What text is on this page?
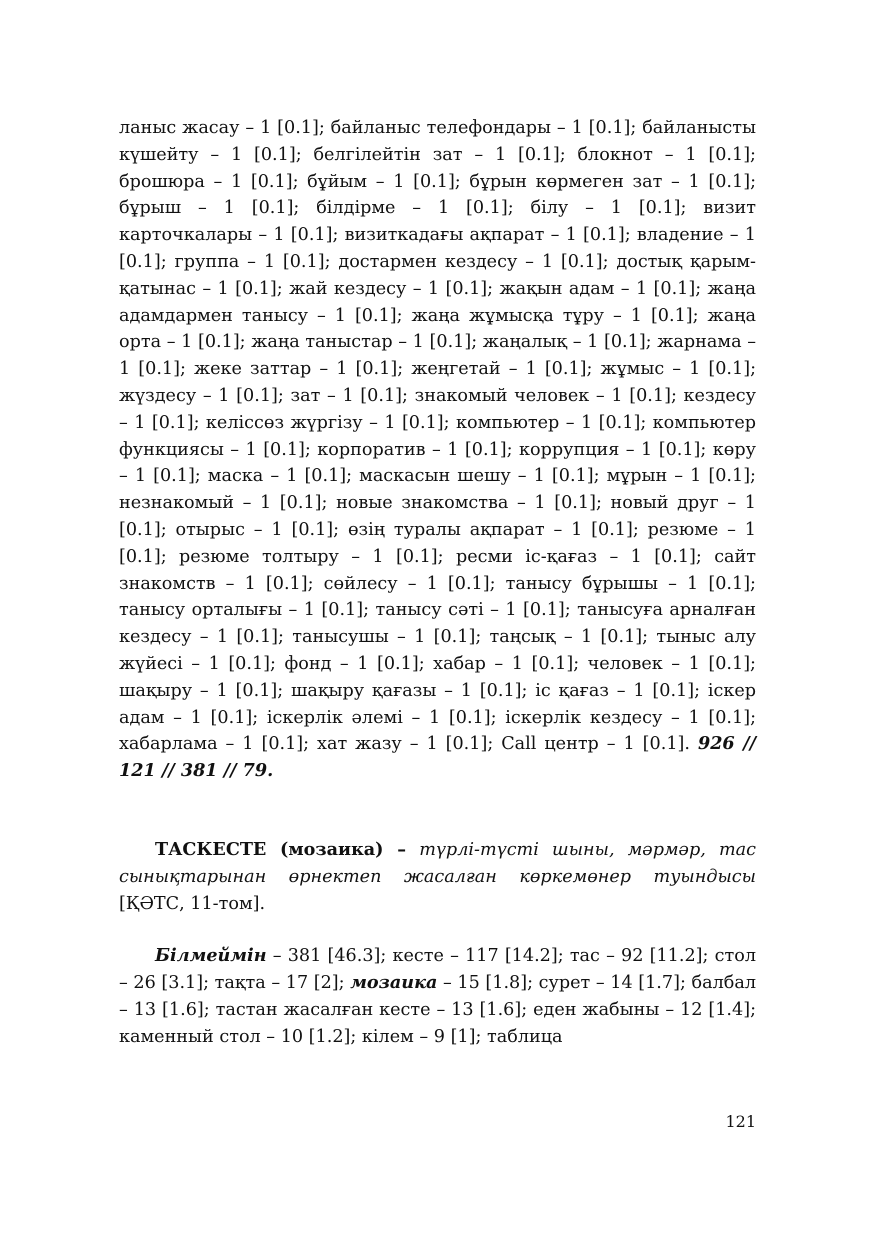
ланыс жасау – 1 [0.1]; байланыс телефондары – 1 [0.1]; байланысты күшейту – 1 [0.1]; белгілейтін зат – 1 [0.1]; блокнот – 1 [0.1]; брошюра – 1 [0.1]; бұйым – 1 [0.1]; бұрын көрмеген зат – 1 [0.1]; бұрыш – 1 [0.1]; білдірме – 1 [0.1]; білу – 1 [0.1]; визит карточкалары – 1 [0.1]; визиткадағы ақпарат – 1 [0.1]; владение – 1 [0.1]; группа – 1 [0.1]; достармен кездесу – 1 [0.1]; достық қарым-қатынас – 1 [0.1]; жай кездесу – 1 [0.1]; жақын адам – 1 [0.1]; жаңа адамдармен танысу – 1 [0.1]; жаңа жұмысқа тұру – 1 [0.1]; жаңа орта – 1 [0.1]; жаңа таныстар – 1 [0.1]; жаңалық – 1 [0.1]; жарнама – 1 [0.1]; жеке заттар – 1 [0.1]; жеңгетай – 1 [0.1]; жұмыс – 1 [0.1]; жүздесу – 1 [0.1]; зат – 1 [0.1]; знакомый человек – 1 [0.1]; кездесу – 1 [0.1]; келіссөз жүргізу – 1 [0.1]; компьютер – 1 [0.1]; компьютер функциясы – 1 [0.1]; корпоратив – 1 [0.1]; коррупция – 1 [0.1]; көру – 1 [0.1]; маска – 1 [0.1]; маскасын шешу – 1 [0.1]; мұрын – 1 [0.1]; незнакомый – 1 [0.1]; новые знакомства – 1 [0.1]; новый друг – 1 [0.1]; отырыс – 1 [0.1]; өзің туралы ақпарат – 1 [0.1]; резюме – 1 [0.1]; резюме толтыру – 1 [0.1]; ресми іс-қағаз – 1 [0.1]; сайт знакомств – 1 [0.1]; сөйлесу – 1 [0.1]; танысу бұрышы – 1 [0.1]; танысу орталығы – 1 [0.1]; танысу сәті – 1 [0.1]; танысуға арналған кездесу – 1 [0.1]; танысушы – 1 [0.1]; таңсық – 1 [0.1]; тыныс алу жүйесі – 1 [0.1]; фонд – 1 [0.1]; хабар – 1 [0.1]; человек – 1 [0.1]; шақыру – 1 [0.1]; шақыру қағазы – 1 [0.1]; іс қағаз – 1 [0.1]; іскер адам – 1 [0.1]; іскерлік әлемі – 1 [0.1]; іскерлік кездесу – 1 [0.1]; хабарлама – 1 [0.1]; хат жазу – 1 [0.1]; Call центр – 1 [0.1]. 926 // 121 // 381 // 79.

ТАСКЕСТЕ (мозаика) – түрлі-түсті шыны, мәрмәр, тас сынықтарынан өрнектеп жасалған көркемөнер туындысы [ҚӘТС, 11-том].

Білмеймін – 381 [46.3]; кесте – 117 [14.2]; тас – 92 [11.2]; стол – 26 [3.1]; тақта – 17 [2]; мозаика – 15 [1.8]; сурет – 14 [1.7]; балбал – 13 [1.6]; тастан жасалған кесте – 13 [1.6]; еден жабыны – 12 [1.4]; каменный стол – 10 [1.2]; кілем – 9 [1]; таблица

121
